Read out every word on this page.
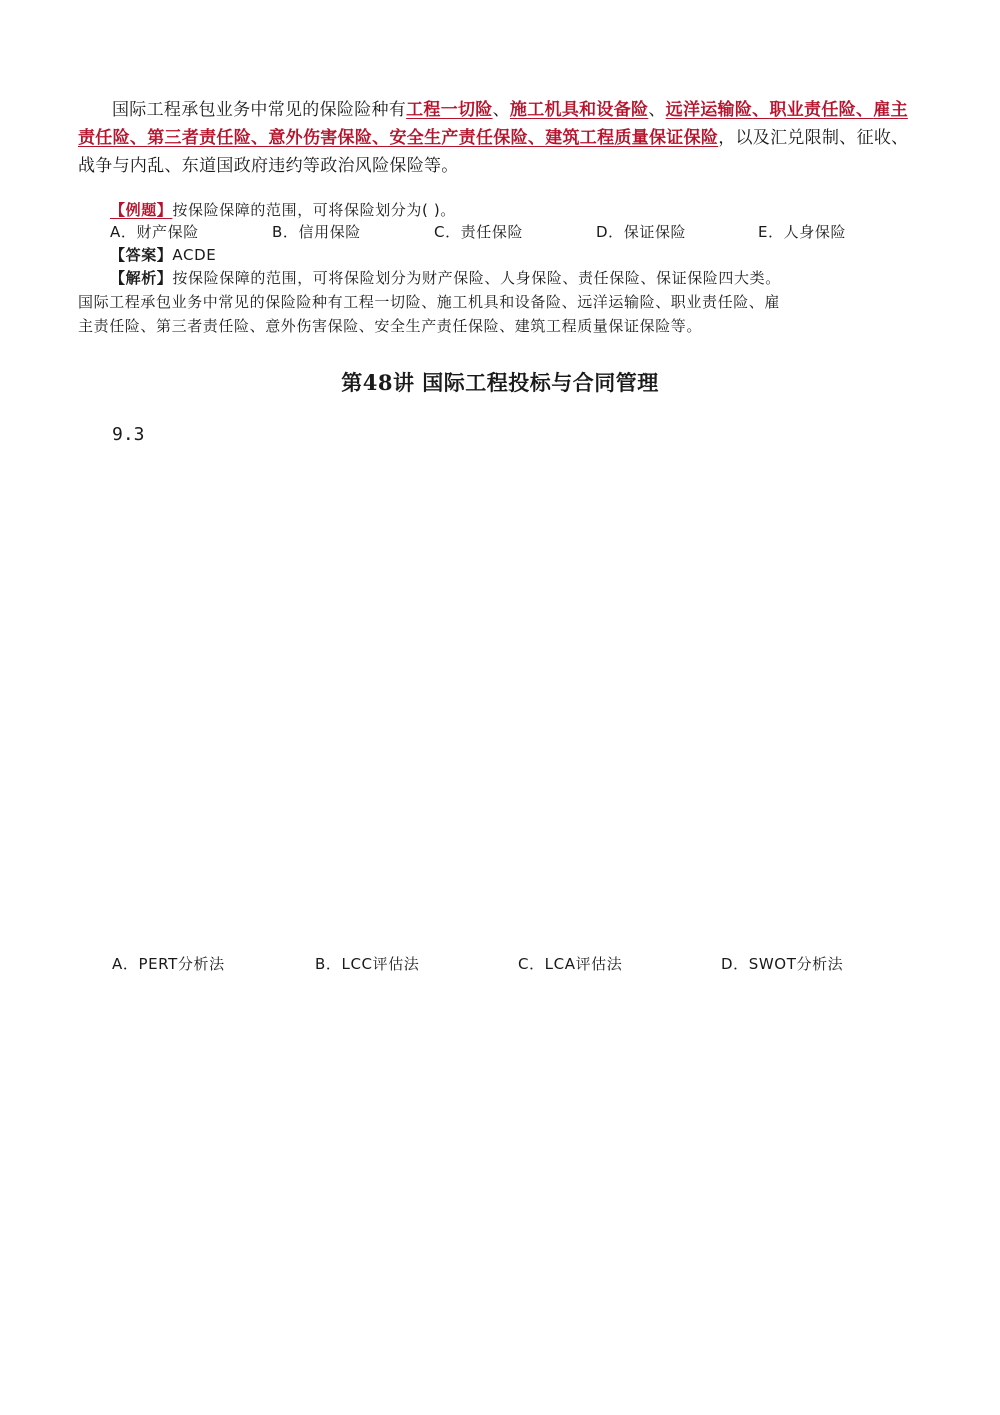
国际工程承包业务中常见的保险险种有工程一切险、施工机具和设备险、远洋运输险、职业责任险、雇主责任险、第三者责任险、意外伤害保险、安全生产责任保险、建筑工程质量保证保险，以及汇兑限制、征收、战争与内乱、东道国政府违约等政治风险保险等。
【例题】按保险保障的范围，可将保险划分为( )。
A．财产保险	B．信用保险	C．责任保险	D．保证保险	E．人身保险
【答案】ACDE
【解析】按保险保障的范围，可将保险划分为财产保险、人身保险、责任保险、保证保险四大类。
国际工程承包业务中常见的保险险种有工程一切险、施工机具和设备险、远洋运输险、职业责任险、雇
主责任险、第三者责任险、意外伤害保险、安全生产责任保险、建筑工程质量保证保险等。
第48讲 国际工程投标与合同管理
9.3
A．PERT分析法	B．LCC评估法	C．LCA评估法	D．SWOT分析法
